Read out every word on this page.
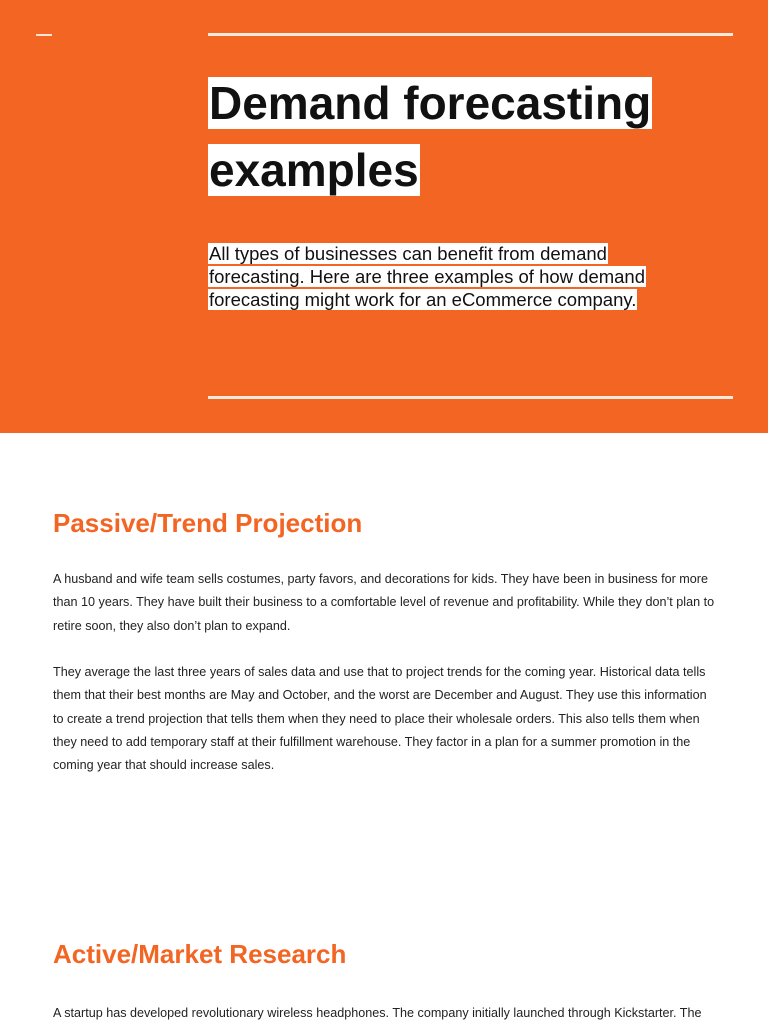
Demand forecasting examples

All types of businesses can benefit from demand forecasting. Here are three examples of how demand forecasting might work for an eCommerce company.

Passive/Trend Projection

A husband and wife team sells costumes, party favors, and decorations for kids. They have been in business for more than 10 years. They have built their business to a comfortable level of revenue and profitability. While they don’t plan to retire soon, they also don’t plan to expand.

They average the last three years of sales data and use that to project trends for the coming year. Historical data tells them that their best months are May and October, and the worst are December and August. They use this information to create a trend projection that tells them when they need to place their wholesale orders. This also tells them when they need to add temporary staff at their fulfillment warehouse. They factor in a plan for a summer promotion in the coming year that should increase sales.

Active/Market Research

A startup has developed revolutionary wireless headphones. The company initially launched through Kickstarter. The
